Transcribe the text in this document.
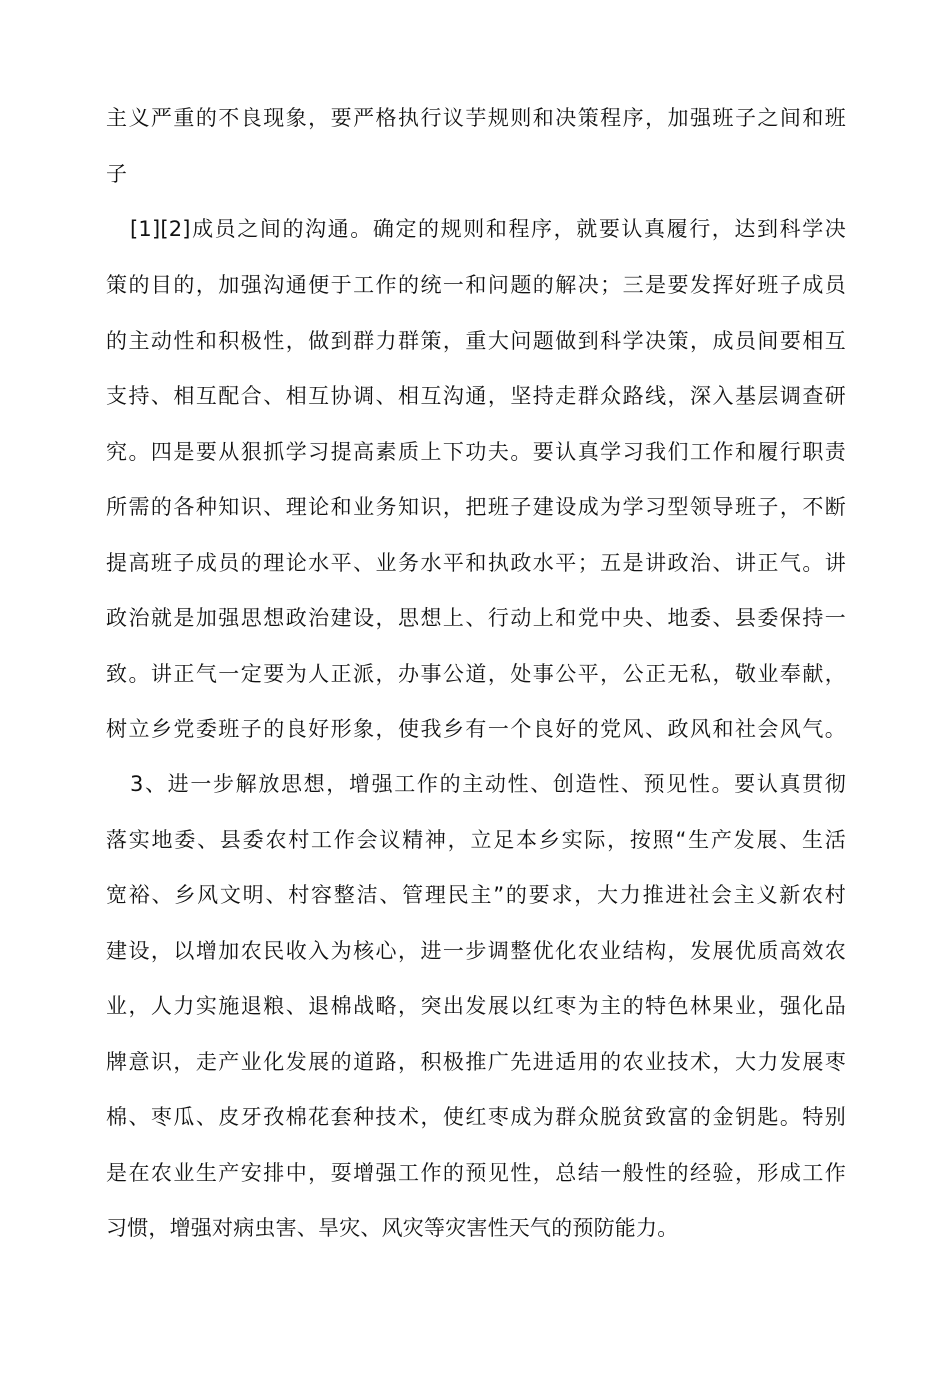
主义严重的不良现象，要严格执行议芋规则和决策程序，加强班子之间和班
子
[1][2]成员之间的沟通。确定的规则和程序，就要认真履行，达到科学决
策的目的，加强沟通便于工作的统一和问题的解决；三是要发挥好班子成员
的主动性和积极性，做到群力群策，重大问题做到科学决策，成员间要相互
支持、相互配合、相互协调、相互沟通，坚持走群众路线，深入基层调查研
究。四是要从狠抓学习提高素质上下功夫。要认真学习我们工作和履行职责
所需的各种知识、理论和业务知识，把班子建设成为学习型领导班子，不断
提高班子成员的理论水平、业务水平和执政水平；五是讲政治、讲正气。讲
政治就是加强思想政治建设，思想上、行动上和党中央、地委、县委保持一
致。讲正气一定要为人正派，办事公道，处事公平，公正无私，敬业奉献，
树立乡党委班子的良好形象，使我乡有一个良好的党风、政风和社会风气。
3、进一步解放思想，增强工作的主动性、创造性、预见性。要认真贯彻
落实地委、县委农村工作会议精神，立足本乡实际，按照“生产发展、生活
宽裕、乡风文明、村容整洁、管理民主”的要求，大力推进社会主义新农村
建设，以增加农民收入为核心，进一步调整优化农业结构，发展优质高效农
业，人力实施退粮、退棉战略，突出发展以红枣为主的特色林果业，强化品
牌意识，走产业化发展的道路，积极推广先进适用的农业技术，大力发展枣
棉、枣瓜、皮牙孜棉花套种技术，使红枣成为群众脱贫致富的金钥匙。特别
是在农业生产安排中，耍增强工作的预见性，总结一般性的经验，形成工作
习惯，增强对病虫害、旱灾、风灾等灾害性天气的预防能力。
